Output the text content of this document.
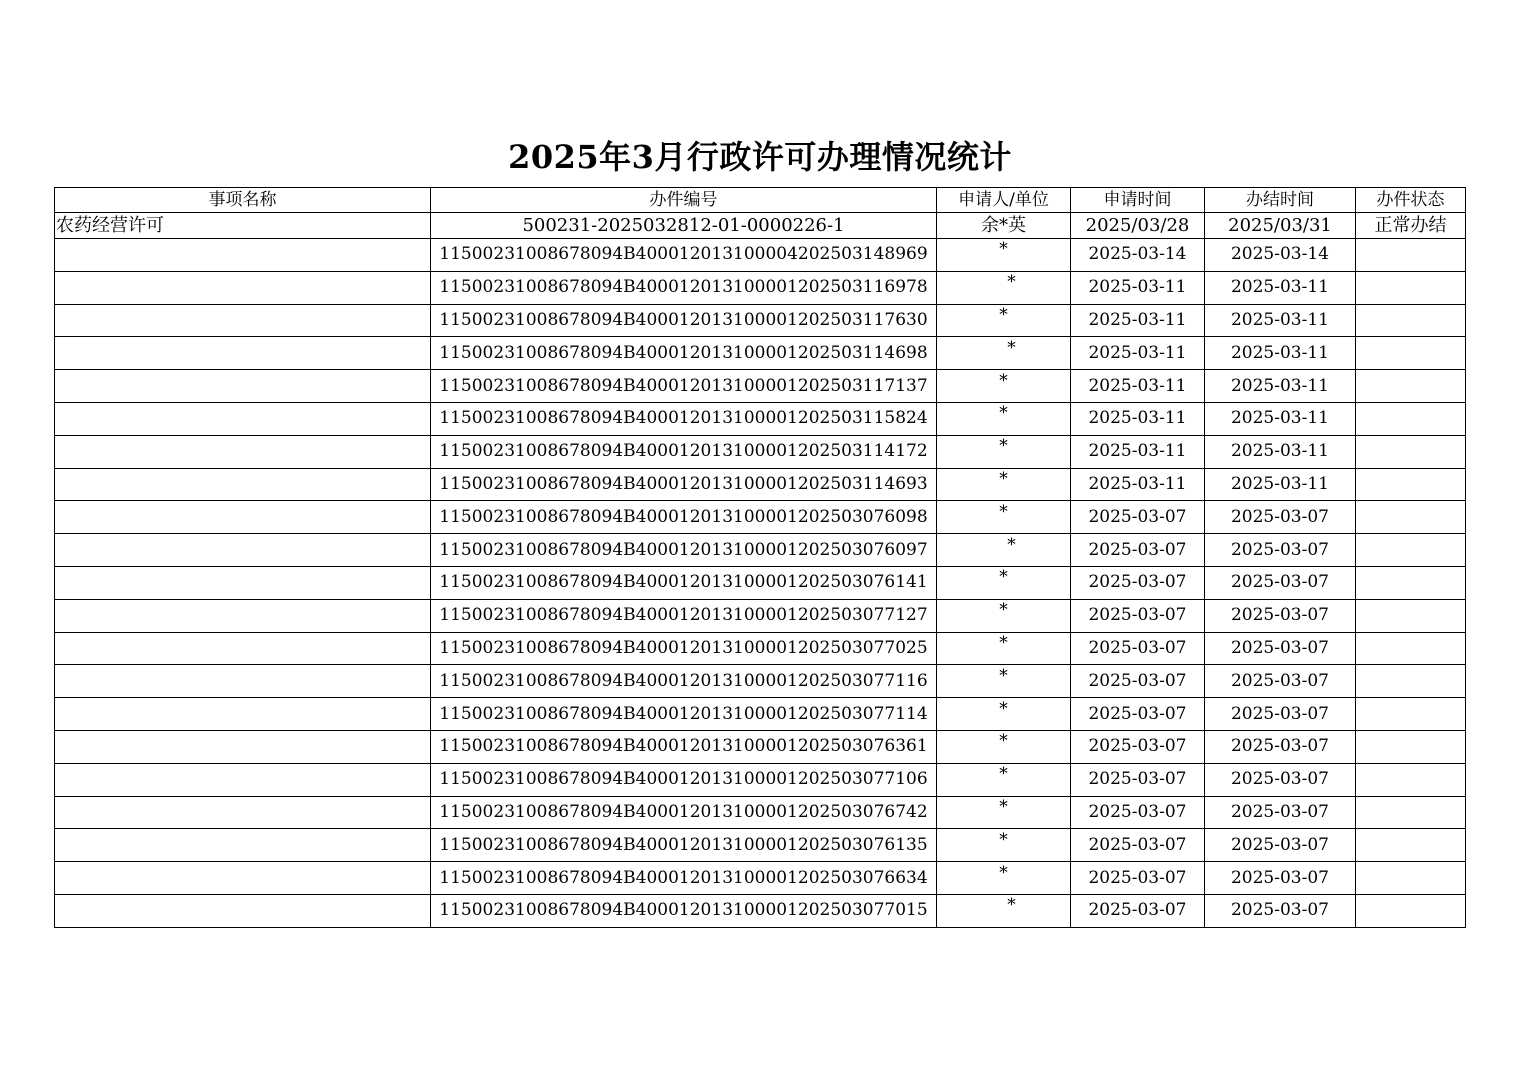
2025年3月行政许可办理情况统计
事项名称	办件编号	申请人/单位	申请时间	办结时间	办件状态
农药经营许可	500231-2025032812-01-0000226-1	余*英	2025/03/28	2025/03/31	正常办结
	11500231008678094B400012013100004202503148969	*	2025-03-14	2025-03-14	
	11500231008678094B400012013100001202503116978	*	2025-03-11	2025-03-11	
	11500231008678094B400012013100001202503117630	*	2025-03-11	2025-03-11	
	11500231008678094B400012013100001202503114698	*	2025-03-11	2025-03-11	
	11500231008678094B400012013100001202503117137	*	2025-03-11	2025-03-11	
	11500231008678094B400012013100001202503115824	*	2025-03-11	2025-03-11	
	11500231008678094B400012013100001202503114172	*	2025-03-11	2025-03-11	
	11500231008678094B400012013100001202503114693	*	2025-03-11	2025-03-11	
	11500231008678094B400012013100001202503076098	*	2025-03-07	2025-03-07	
	11500231008678094B400012013100001202503076097	*	2025-03-07	2025-03-07	
	11500231008678094B400012013100001202503076141	*	2025-03-07	2025-03-07	
	11500231008678094B400012013100001202503077127	*	2025-03-07	2025-03-07	
	11500231008678094B400012013100001202503077025	*	2025-03-07	2025-03-07	
	11500231008678094B400012013100001202503077116	*	2025-03-07	2025-03-07	
	11500231008678094B400012013100001202503077114	*	2025-03-07	2025-03-07	
	11500231008678094B400012013100001202503076361	*	2025-03-07	2025-03-07	
	11500231008678094B400012013100001202503077106	*	2025-03-07	2025-03-07	
	11500231008678094B400012013100001202503076742	*	2025-03-07	2025-03-07	
	11500231008678094B400012013100001202503076135	*	2025-03-07	2025-03-07	
	11500231008678094B400012013100001202503076634	*	2025-03-07	2025-03-07	
	11500231008678094B400012013100001202503077015	*	2025-03-07	2025-03-07	
